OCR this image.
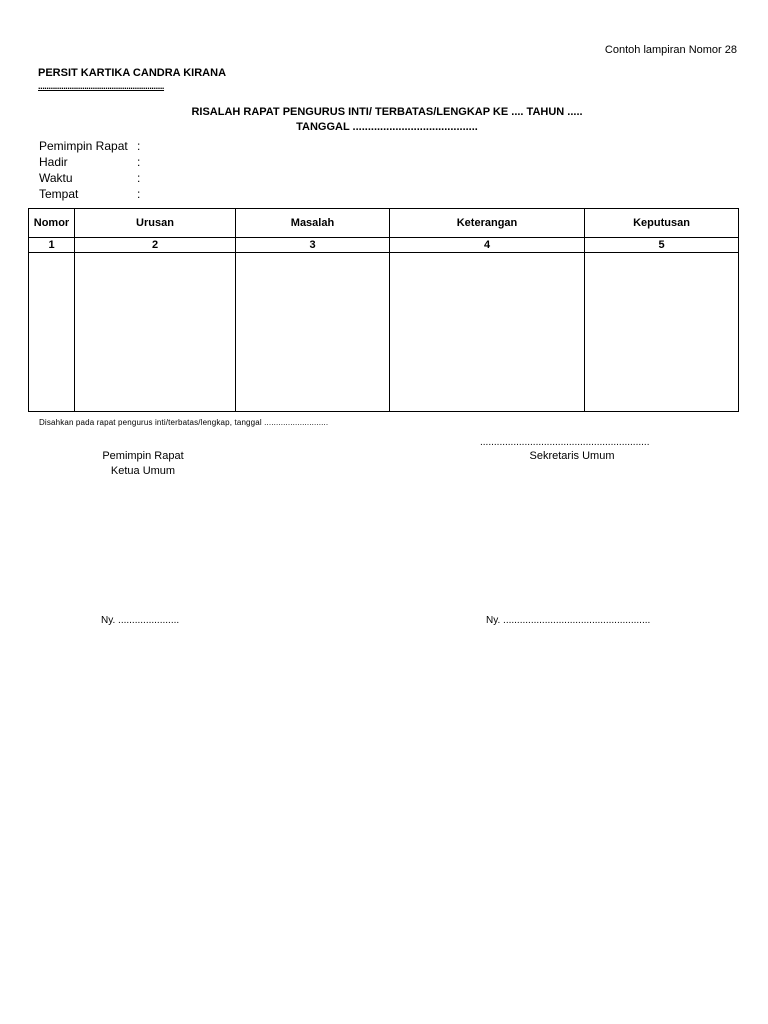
Contoh lampiran Nomor 28
PERSIT KARTIKA CANDRA KIRANA
............................................................
RISALAH RAPAT PENGURUS INTI/ TERBATAS/LENGKAP KE .... TAHUN .....
TANGGAL .........................................
Pemimpin Rapat :
Hadir	:
Waktu	:
Tempat	:
Nomor	Urusan	Masalah	Keterangan	Keputusan
1	2	3	4	5

Disahkan pada rapat pengurus inti/terbatas/lengkap, tanggal ...........................
.............................................................
Pemimpin Rapat
Ketua Umum
Sekretaris Umum
Ny. ......................	Ny. .....................................................
